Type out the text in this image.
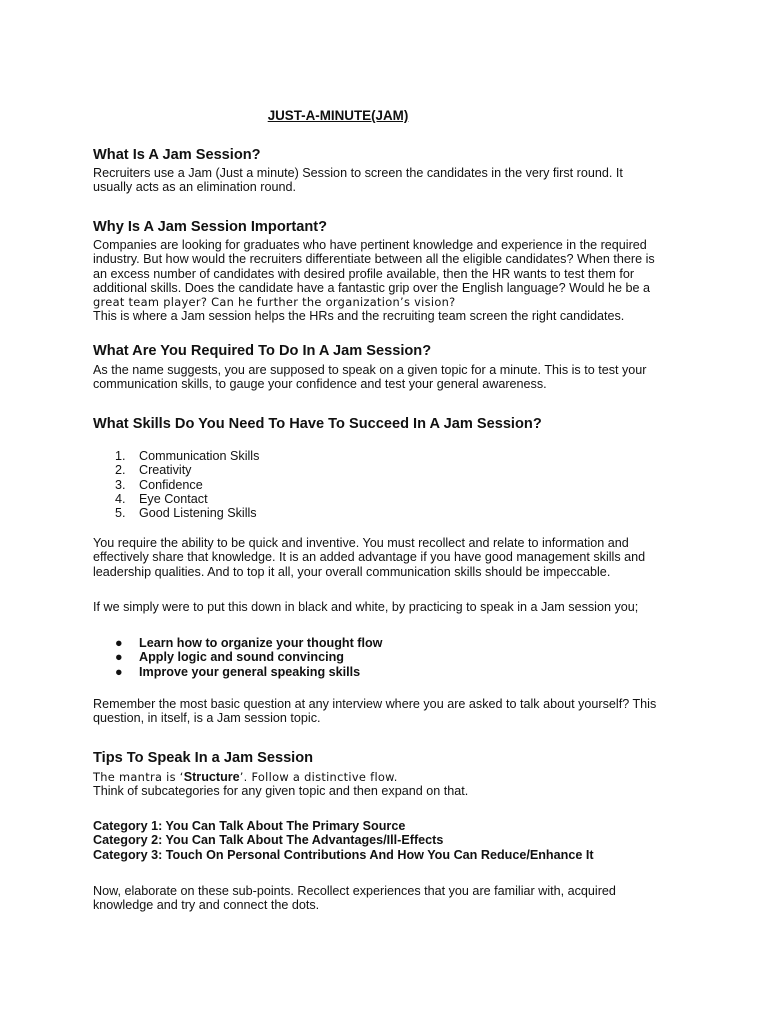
JUST-A-MINUTE(JAM)
What Is A Jam Session?
Recruiters use a Jam (Just a minute) Session to screen the candidates in the very first round. It
usually acts as an elimination round.
Why Is A Jam Session Important?
Companies are looking for graduates who have pertinent knowledge and experience in the required
industry. But how would the recruiters differentiate between all the eligible candidates? When there is
an excess number of candidates with desired profile available, then the HR wants to test them for
additional skills. Does the candidate have a fantastic grip over the English language? Would he be a
great team player? Can he further the organization’s vision?
This is where a Jam session helps the HRs and the recruiting team screen the right candidates.
What Are You Required To Do In A Jam Session?
As the name suggests, you are supposed to speak on a given topic for a minute. This is to test your
communication skills, to gauge your confidence and test your general awareness.
What Skills Do You Need To Have To Succeed In A Jam Session?
1. Communication Skills
2. Creativity
3. Confidence
4. Eye Contact
5. Good Listening Skills
You require the ability to be quick and inventive. You must recollect and relate to information and
effectively share that knowledge. It is an added advantage if you have good management skills and
leadership qualities. And to top it all, your overall communication skills should be impeccable.
If we simply were to put this down in black and white, by practicing to speak in a Jam session you;
● Learn how to organize your thought flow
● Apply logic and sound convincing
● Improve your general speaking skills
Remember the most basic question at any interview where you are asked to talk about yourself? This
question, in itself, is a Jam session topic.
Tips To Speak In a Jam Session
The mantra is ‘Structure’. Follow a distinctive flow.
Think of subcategories for any given topic and then expand on that.
Category 1: You Can Talk About The Primary Source
Category 2: You Can Talk About The Advantages/Ill-Effects
Category 3: Touch On Personal Contributions And How You Can Reduce/Enhance It
Now, elaborate on these sub-points. Recollect experiences that you are familiar with, acquired
knowledge and try and connect the dots.
